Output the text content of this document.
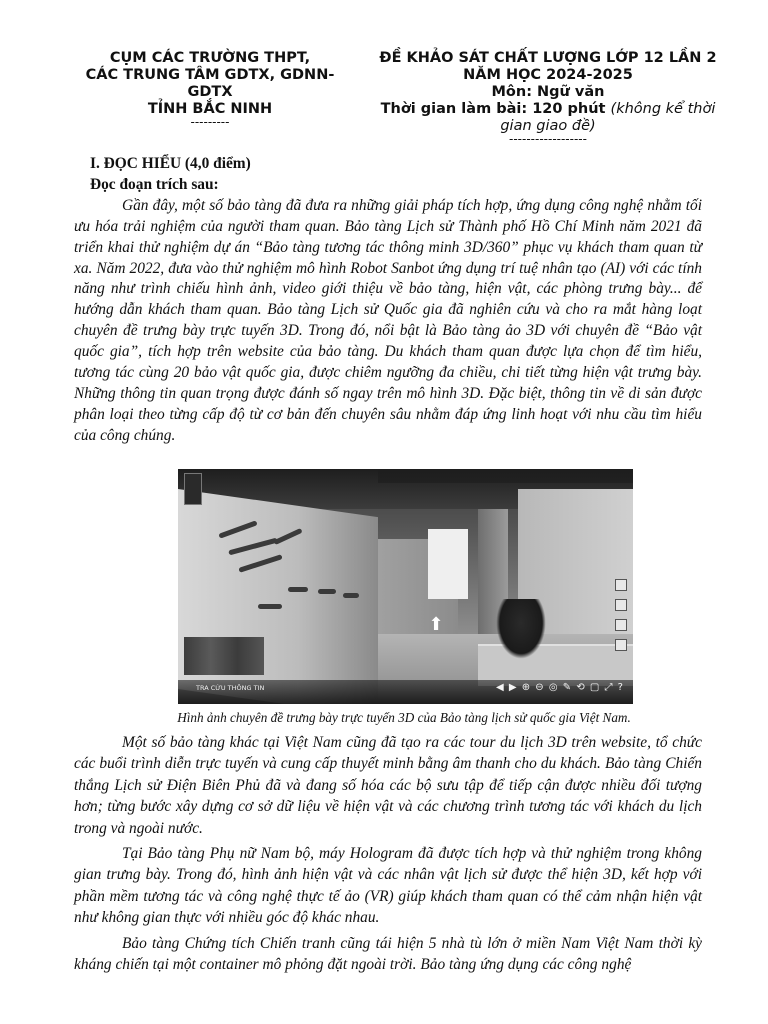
CỤM CÁC TRƯỜNG THPT,
CÁC TRUNG TÂM GDTX, GDNN-
GDTX
TỈNH BẮC NINH
---------
ĐỀ KHẢO SÁT CHẤT LƯỢNG LỚP 12 LẦN 2
NĂM HỌC 2024-2025
Môn: Ngữ văn
Thời gian làm bài: 120 phút (không kể thời
gian giao đề)
------------------
I. ĐỌC HIỂU (4,0 điểm)
Đọc đoạn trích sau:

Gần đây, một số bảo tàng đã đưa ra những giải pháp tích hợp, ứng dụng công nghệ nhằm tối ưu hóa trải nghiệm của người tham quan. Bảo tàng Lịch sử Thành phố Hồ Chí Minh năm 2021 đã triển khai thử nghiệm dự án “Bảo tàng tương tác thông minh 3D/360” phục vụ khách tham quan từ xa. Năm 2022, đưa vào thử nghiệm mô hình Robot Sanbot ứng dụng trí tuệ nhân tạo (AI) với các tính năng như trình chiếu hình ảnh, video giới thiệu về bảo tàng, hiện vật, các phòng trưng bày... để hướng dẫn khách tham quan. Bảo tàng Lịch sử Quốc gia đã nghiên cứu và cho ra mắt hàng loạt chuyên đề trưng bày trực tuyến 3D. Trong đó, nổi bật là Bảo tàng ảo 3D với chuyên đề “Bảo vật quốc gia”, tích hợp trên website của bảo tàng. Du khách tham quan được lựa chọn để tìm hiểu, tương tác cùng 20 bảo vật quốc gia, được chiêm ngưỡng đa chiều, chi tiết từng hiện vật trưng bày. Những thông tin quan trọng được đánh số ngay trên mô hình 3D. Đặc biệt, thông tin về di sản được phân loại theo từng cấp độ từ cơ bản đến chuyên sâu nhằm đáp ứng linh hoạt với nhu cầu tìm hiểu của công chúng.

⬆
TRA CỨU THÔNG TIN	◀ ▶ ⊕ ⊖ ◎ ✎ ⟲ ▢ ⤢ ?
Hình ảnh chuyên đề trưng bày trực tuyến 3D của Bảo tàng lịch sử quốc gia Việt Nam.

Một số bảo tàng khác tại Việt Nam cũng đã tạo ra các tour du lịch 3D trên website, tổ chức các buổi trình diễn trực tuyến và cung cấp thuyết minh bằng âm thanh cho du khách. Bảo tàng Chiến thắng Lịch sử Điện Biên Phủ đã và đang số hóa các bộ sưu tập để tiếp cận được nhiều đối tượng hơn; từng bước xây dựng cơ sở dữ liệu về hiện vật và các chương trình tương tác với khách du lịch trong và ngoài nước.

Tại Bảo tàng Phụ nữ Nam bộ, máy Hologram đã được tích hợp và thử nghiệm trong không gian trưng bày. Trong đó, hình ảnh hiện vật và các nhân vật lịch sử được thể hiện 3D, kết hợp với phần mềm tương tác và công nghệ thực tế ảo (VR) giúp khách tham quan có thể cảm nhận hiện vật như không gian thực với nhiều góc độ khác nhau.

Bảo tàng Chứng tích Chiến tranh cũng tái hiện 5 nhà tù lớn ở miền Nam Việt Nam thời kỳ kháng chiến tại một container mô phỏng đặt ngoài trời. Bảo tàng ứng dụng các công nghệ
